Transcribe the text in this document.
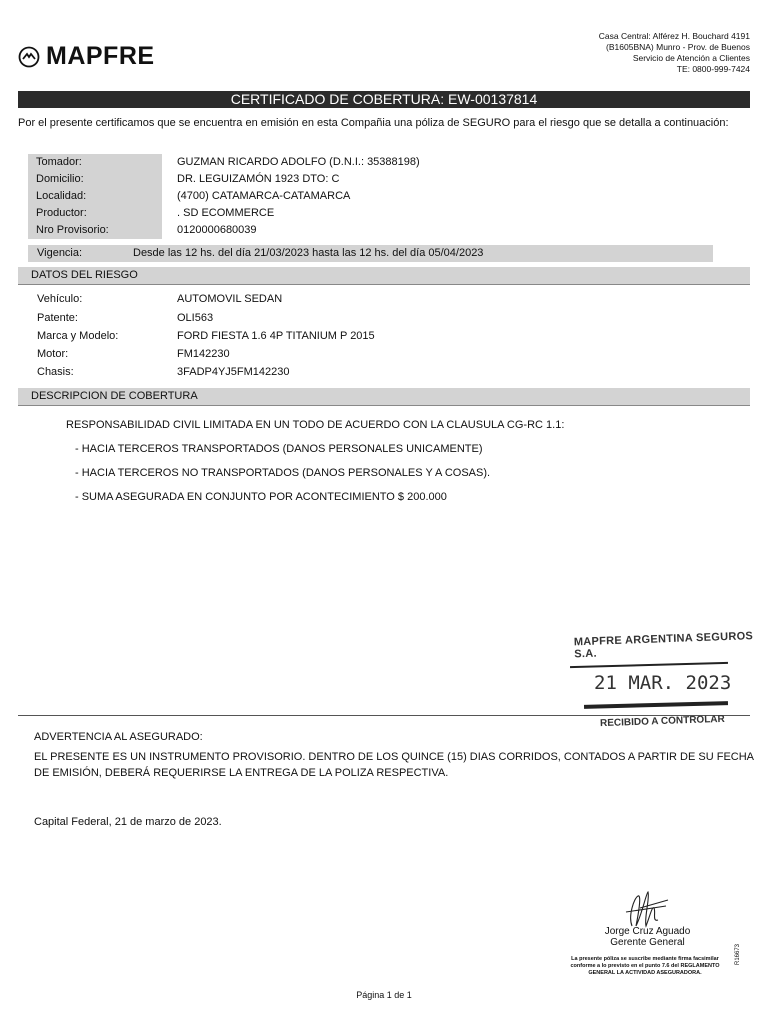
MAPFRE
Casa Central: Alférez H. Bouchard 4191
(B1605BNA) Munro - Prov. de Buenos
Servicio de Atención a Clientes
TE: 0800-999-7424
CERTIFICADO DE COBERTURA: EW-00137814
Por el presente certificamos que se encuentra en emisión en esta Compañia una póliza de SEGURO para el riesgo que se detalla a continuación:
Tomador:	GUZMAN RICARDO ADOLFO (D.N.I.: 35388198)
Domicilio:	DR. LEGUIZAMÓN 1923 DTO: C
Localidad:	(4700) CATAMARCA-CATAMARCA
Productor:	. SD ECOMMERCE
Nro Provisorio:	0120000680039
Vigencia:	Desde las 12 hs. del día 21/03/2023 hasta las 12 hs. del día 05/04/2023
DATOS DEL RIESGO
Vehículo:	AUTOMOVIL SEDAN
Patente:	OLI563
Marca y Modelo:	FORD FIESTA 1.6 4P TITANIUM P 2015
Motor:	FM142230
Chasis:	3FADP4YJ5FM142230
DESCRIPCION DE COBERTURA
RESPONSABILIDAD CIVIL LIMITADA EN UN TODO DE ACUERDO CON LA CLAUSULA CG-RC 1.1:
- HACIA TERCEROS TRANSPORTADOS (DANOS PERSONALES UNICAMENTE)
- HACIA TERCEROS NO TRANSPORTADOS (DANOS PERSONALES Y A COSAS).
- SUMA ASEGURADA EN CONJUNTO POR ACONTECIMIENTO $ 200.000
MAPFRE ARGENTINA SEGUROS S.A.
21 MAR. 2023
RECIBIDO A CONTROLAR
ADVERTENCIA AL ASEGURADO:
EL PRESENTE ES UN INSTRUMENTO PROVISORIO. DENTRO DE LOS QUINCE (15) DIAS CORRIDOS, CONTADOS A PARTIR DE SU FECHA DE EMISIÓN, DEBERÁ REQUERIRSE LA ENTREGA DE LA POLIZA RESPECTIVA.
Capital Federal, 21 de marzo de 2023.
Jorge Cruz Aguado
Gerente General
La presente póliza se suscribe mediante firma facsimilar conforme a lo previsto en el punto 7.6 del REGLAMENTO GENERAL LA ACTIVIDAD ASEGURADORA.
R16673
Página 1 de 1
